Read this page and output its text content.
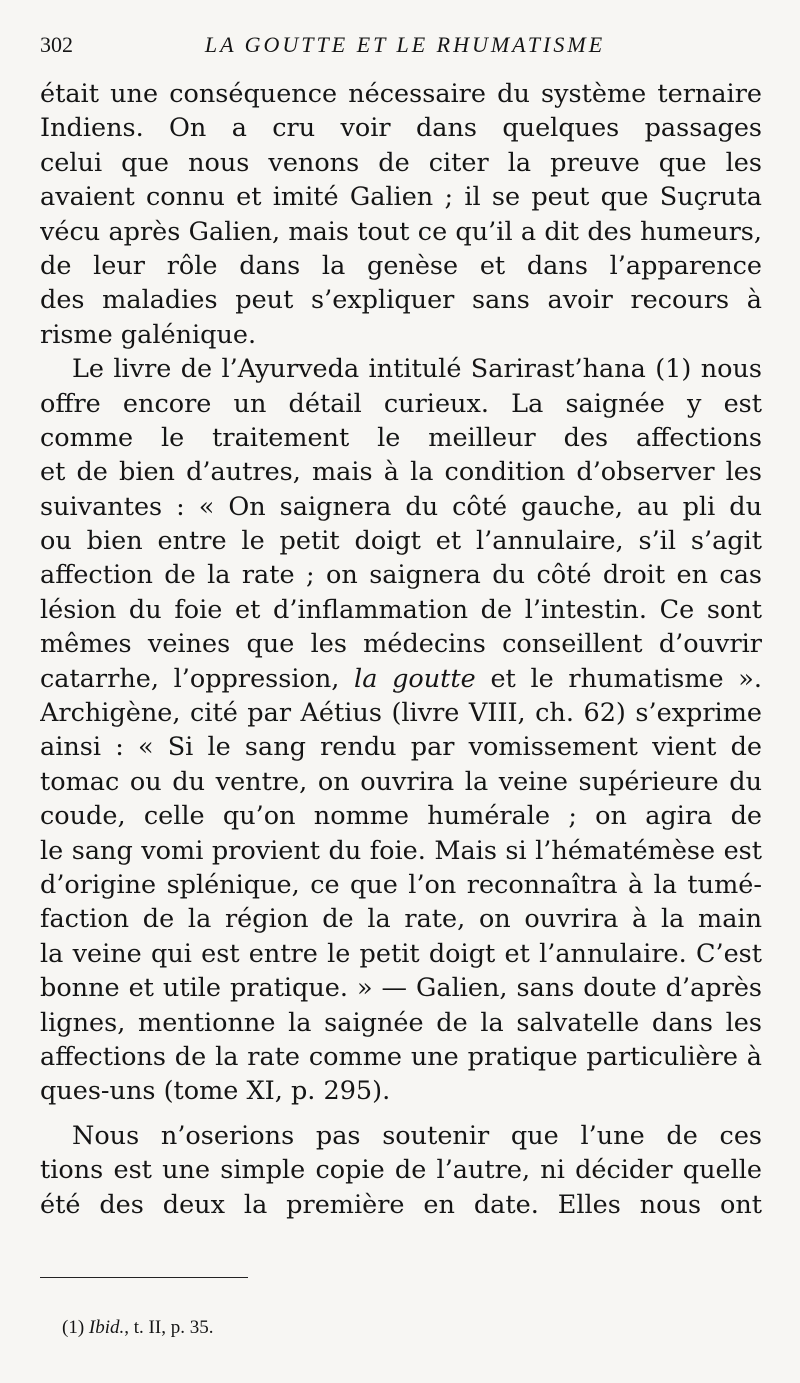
302	LA GOUTTE ET LE RHUMATISME

était une conséquence nécessaire du système ternaire
Indiens. On a cru voir dans quelques passages
celui que nous venons de citer la preuve que les
avaient connu et imité Galien ; il se peut que Suçruta
vécu après Galien, mais tout ce qu’il a dit des humeurs,
de leur rôle dans la genèse et dans l’apparence
des maladies peut s’expliquer sans avoir recours à
risme galénique.

Le livre de l’Ayurveda intitulé Sarirast’hana (1) nous
offre encore un détail curieux. La saignée y est
comme le traitement le meilleur des affections
et de bien d’autres, mais à la condition d’observer les
suivantes : « On saignera du côté gauche, au pli du
ou bien entre le petit doigt et l’annulaire, s’il s’agit
affection de la rate ; on saignera du côté droit en cas
lésion du foie et d’inflammation de l’intestin. Ce sont
mêmes veines que les médecins conseillent d’ouvrir
catarrhe, l’oppression, la goutte et le rhumatisme ».
Archigène, cité par Aétius (livre VIII, ch. 62) s’exprime
ainsi : « Si le sang rendu par vomissement vient de
tomac ou du ventre, on ouvrira la veine supérieure du
coude, celle qu’on nomme humérale ; on agira de
le sang vomi provient du foie. Mais si l’hématémèse est
d’origine splénique, ce que l’on reconnaîtra à la tumé-
faction de la région de la rate, on ouvrira à la main
la veine qui est entre le petit doigt et l’annulaire. C’est
bonne et utile pratique. » — Galien, sans doute d’après
lignes, mentionne la saignée de la salvatelle dans les
affections de la rate comme une pratique particulière à
ques-uns (tome XI, p. 295).

Nous n’oserions pas soutenir que l’une de ces
tions est une simple copie de l’autre, ni décider quelle
été des deux la première en date. Elles nous ont

(1) Ibid., t. II, p. 35.
